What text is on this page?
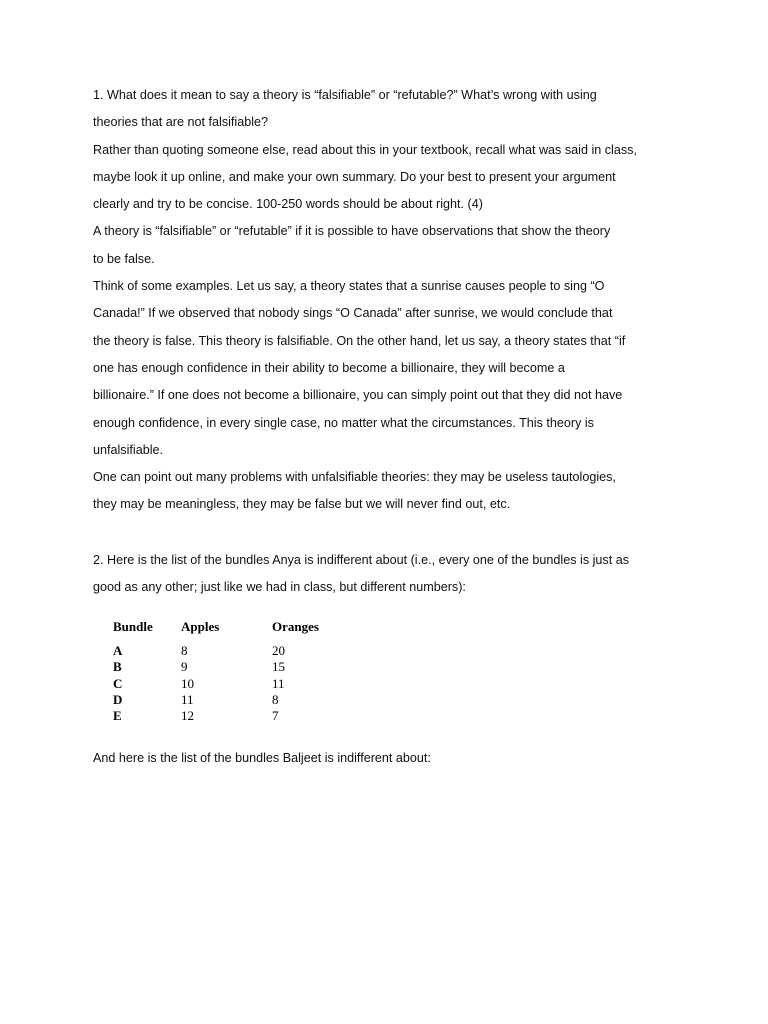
1. What does it mean to say a theory is “falsifiable” or “refutable?” What’s wrong with using
theories that are not falsifiable?
Rather than quoting someone else, read about this in your textbook, recall what was said in class,
maybe look it up online, and make your own summary. Do your best to present your argument
clearly and try to be concise. 100-250 words should be about right. (4)
A theory is “falsifiable” or “refutable” if it is possible to have observations that show the theory
to be false.
Think of some examples. Let us say, a theory states that a sunrise causes people to sing “O
Canada!” If we observed that nobody sings “O Canada” after sunrise, we would conclude that
the theory is false. This theory is falsifiable. On the other hand, let us say, a theory states that “if
one has enough confidence in their ability to become a billionaire, they will become a
billionaire.” If one does not become a billionaire, you can simply point out that they did not have
enough confidence, in every single case, no matter what the circumstances. This theory is
unfalsifiable.
One can point out many problems with unfalsifiable theories: they may be useless tautologies,
they may be meaningless, they may be false but we will never find out, etc.
2. Here is the list of the bundles Anya is indifferent about (i.e., every one of the bundles is just as
good as any other; just like we had in class, but different numbers):
Bundle	Apples	Oranges
A	8	20
B	9	15
C	10	11
D	11	8
E	12	7
And here is the list of the bundles Baljeet is indifferent about:
